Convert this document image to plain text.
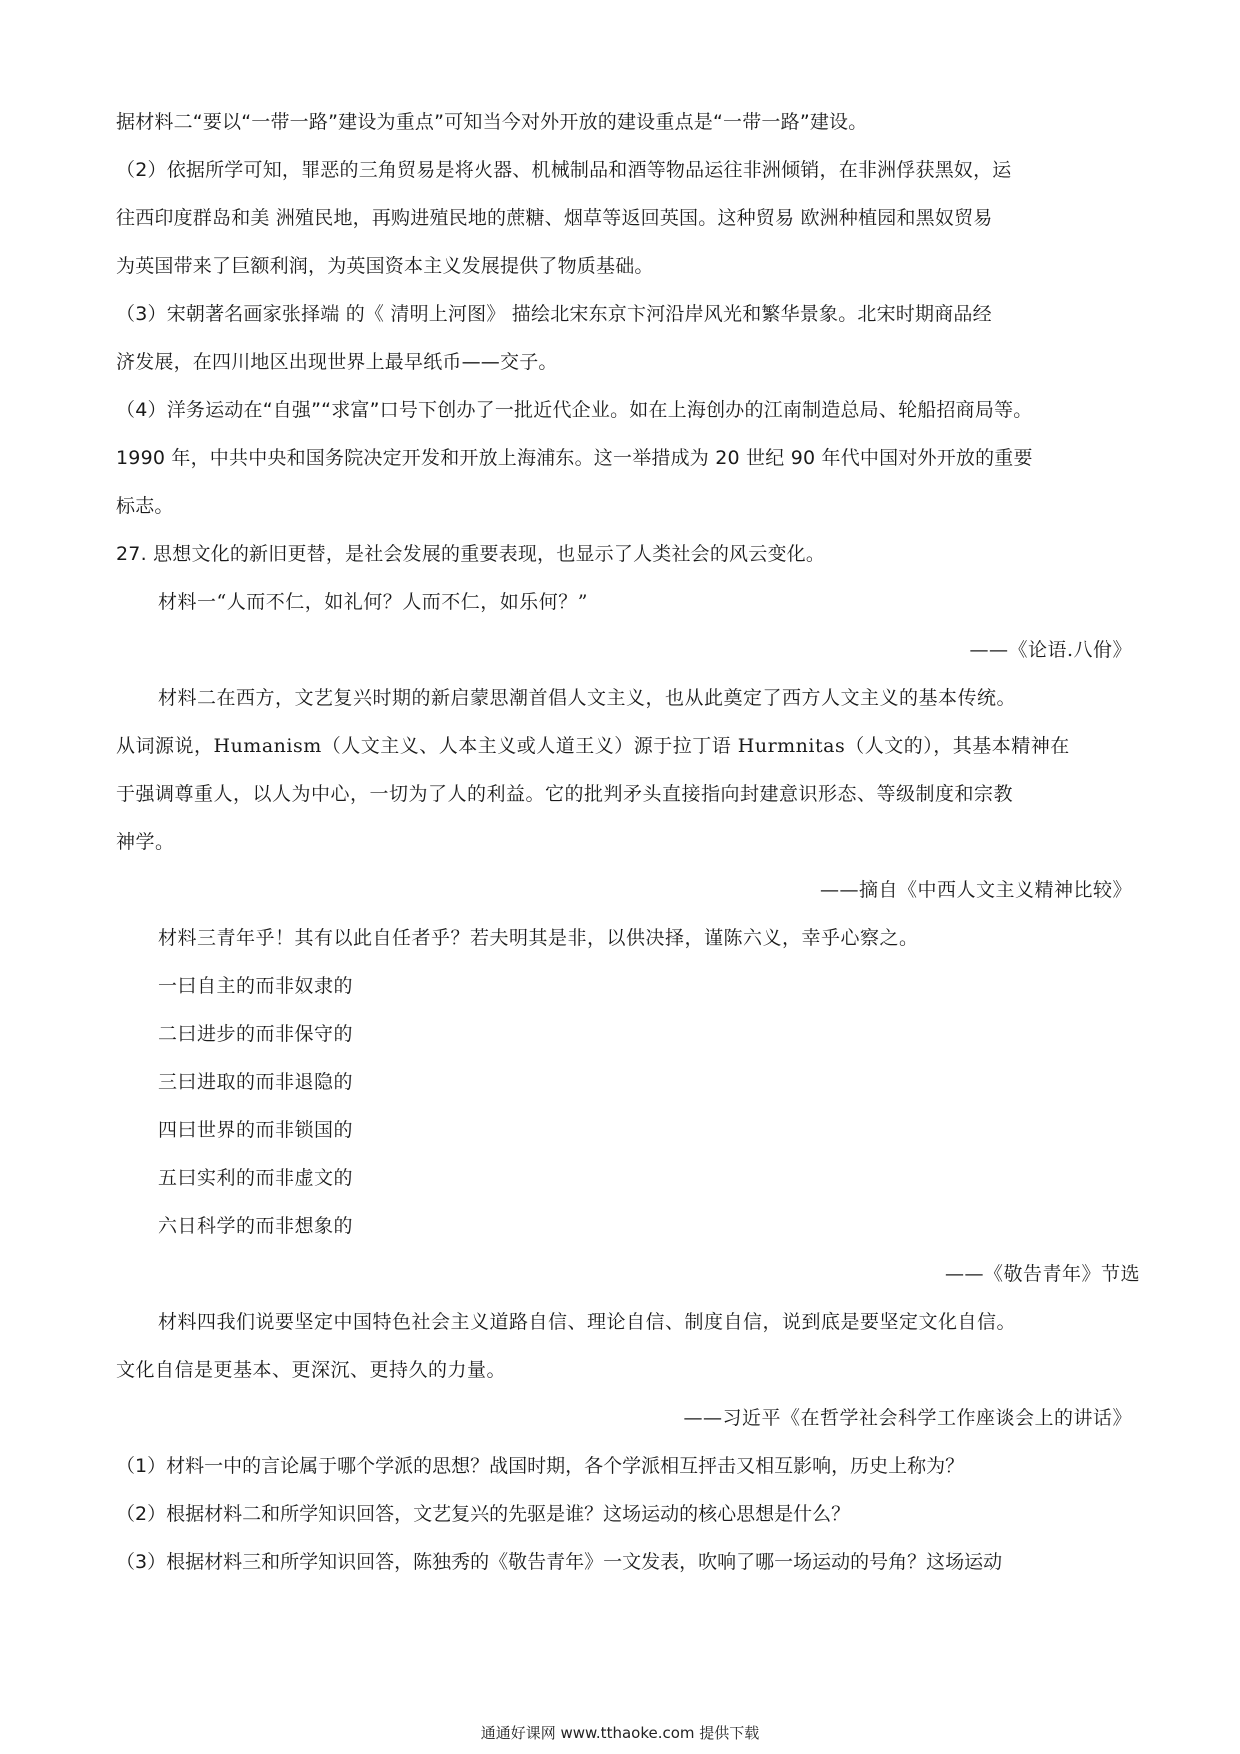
据材料二“要以“一带一路”建设为重点”可知当今对外开放的建设重点是“一带一路”建设。
（2）依据所学可知，罪恶的三角贸易是将火器、机械制品和酒等物品运往非洲倾销，在非洲俘获黑奴，运
往西印度群岛和美 洲殖民地，再购进殖民地的蔗糖、烟草等返回英国。这种贸易 欧洲种植园和黑奴贸易
为英国带来了巨额利润，为英国资本主义发展提供了物质基础。
（3）宋朝著名画家张择端 的《 清明上河图》 描绘北宋东京卞河沿岸风光和繁华景象。北宋时期商品经
济发展，在四川地区出现世界上最早纸币——交子。
（4）洋务运动在“自强”“求富”口号下创办了一批近代企业。如在上海创办的江南制造总局、轮船招商局等。
1990 年，中共中央和国务院决定开发和开放上海浦东。这一举措成为 20 世纪 90 年代中国对外开放的重要
标志。
27. 思想文化的新旧更替，是社会发展的重要表现，也显示了人类社会的风云变化。
材料一“人而不仁，如礼何？人而不仁，如乐何？”
——《论语.八佾》
材料二在西方，文艺复兴时期的新启蒙思潮首倡人文主义，也从此奠定了西方人文主义的基本传统。
从词源说，Humanism（人文主义、人本主义或人道王义）源于拉丁语 Hurmnitas（人文的），其基本精神在
于强调尊重人，以人为中心，一切为了人的利益。它的批判矛头直接指向封建意识形态、等级制度和宗教
神学。
——摘自《中西人文主义精神比较》
材料三青年乎！其有以此自任者乎？若夫明其是非，以供决择，谨陈六义，幸乎心察之。
一曰自主的而非奴隶的
二曰进步的而非保守的
三曰进取的而非退隐的
四曰世界的而非锁国的
五曰实利的而非虚文的
六日科学的而非想象的
——《敬告青年》节选
材料四我们说要坚定中国特色社会主义道路自信、理论自信、制度自信，说到底是要坚定文化自信。
文化自信是更基本、更深沉、更持久的力量。
——习近平《在哲学社会科学工作座谈会上的讲话》
（1）材料一中的言论属于哪个学派的思想？战国时期，各个学派相互抨击又相互影响，历史上称为？
（2）根据材料二和所学知识回答，文艺复兴的先驱是谁？这场运动的核心思想是什么？
（3）根据材料三和所学知识回答，陈独秀的《敬告青年》一文发表，吹响了哪一场运动的号角？这场运动
通通好课网 www.tthaoke.com 提供下载
